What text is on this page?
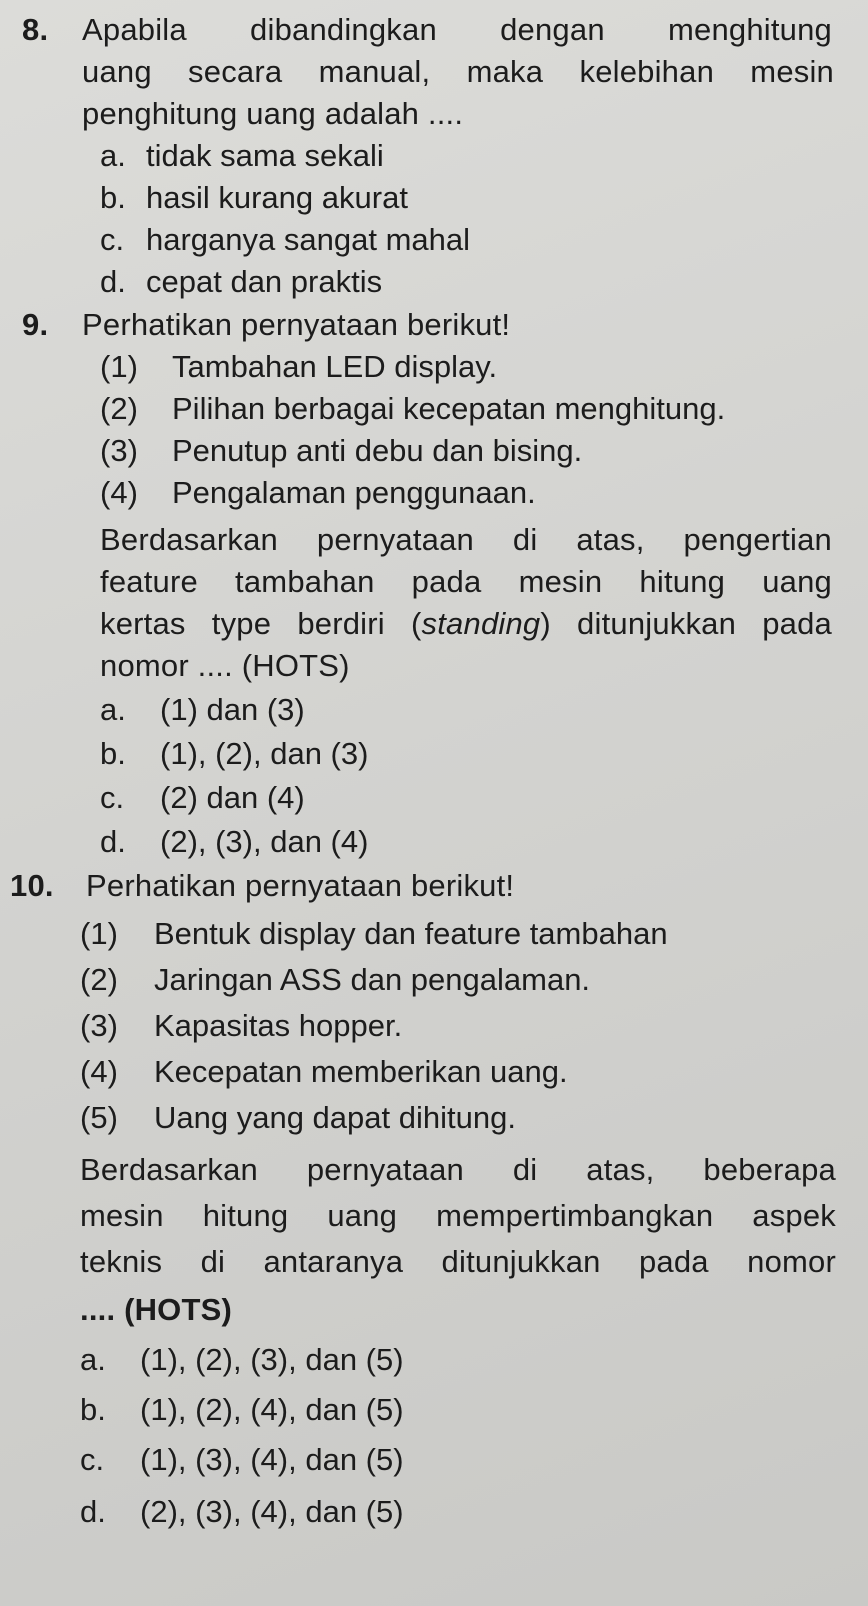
8. Apabila dibandingkan dengan menghitung
uang secara manual, maka kelebihan mesin
penghitung uang adalah ....
a. tidak sama sekali
b. hasil kurang akurat
c. harganya sangat mahal
d. cepat dan praktis
9. Perhatikan pernyataan berikut!
(1) Tambahan LED display.
(2) Pilihan berbagai kecepatan menghitung.
(3) Penutup anti debu dan bising.
(4) Pengalaman penggunaan.
Berdasarkan pernyataan di atas, pengertian
feature tambahan pada mesin hitung uang
kertas type berdiri (standing) ditunjukkan pada
nomor .... (HOTS)
a. (1) dan (3)
b. (1), (2), dan (3)
c. (2) dan (4)
d. (2), (3), dan (4)
10. Perhatikan pernyataan berikut!
(1) Bentuk display dan feature tambahan
(2) Jaringan ASS dan pengalaman.
(3) Kapasitas hopper.
(4) Kecepatan memberikan uang.
(5) Uang yang dapat dihitung.
Berdasarkan pernyataan di atas, beberapa
mesin hitung uang mempertimbangkan aspek
teknis di antaranya ditunjukkan pada nomor
.... (HOTS)
a. (1), (2), (3), dan (5)
b. (1), (2), (4), dan (5)
c. (1), (3), (4), dan (5)
d. (2), (3), (4), dan (5)
